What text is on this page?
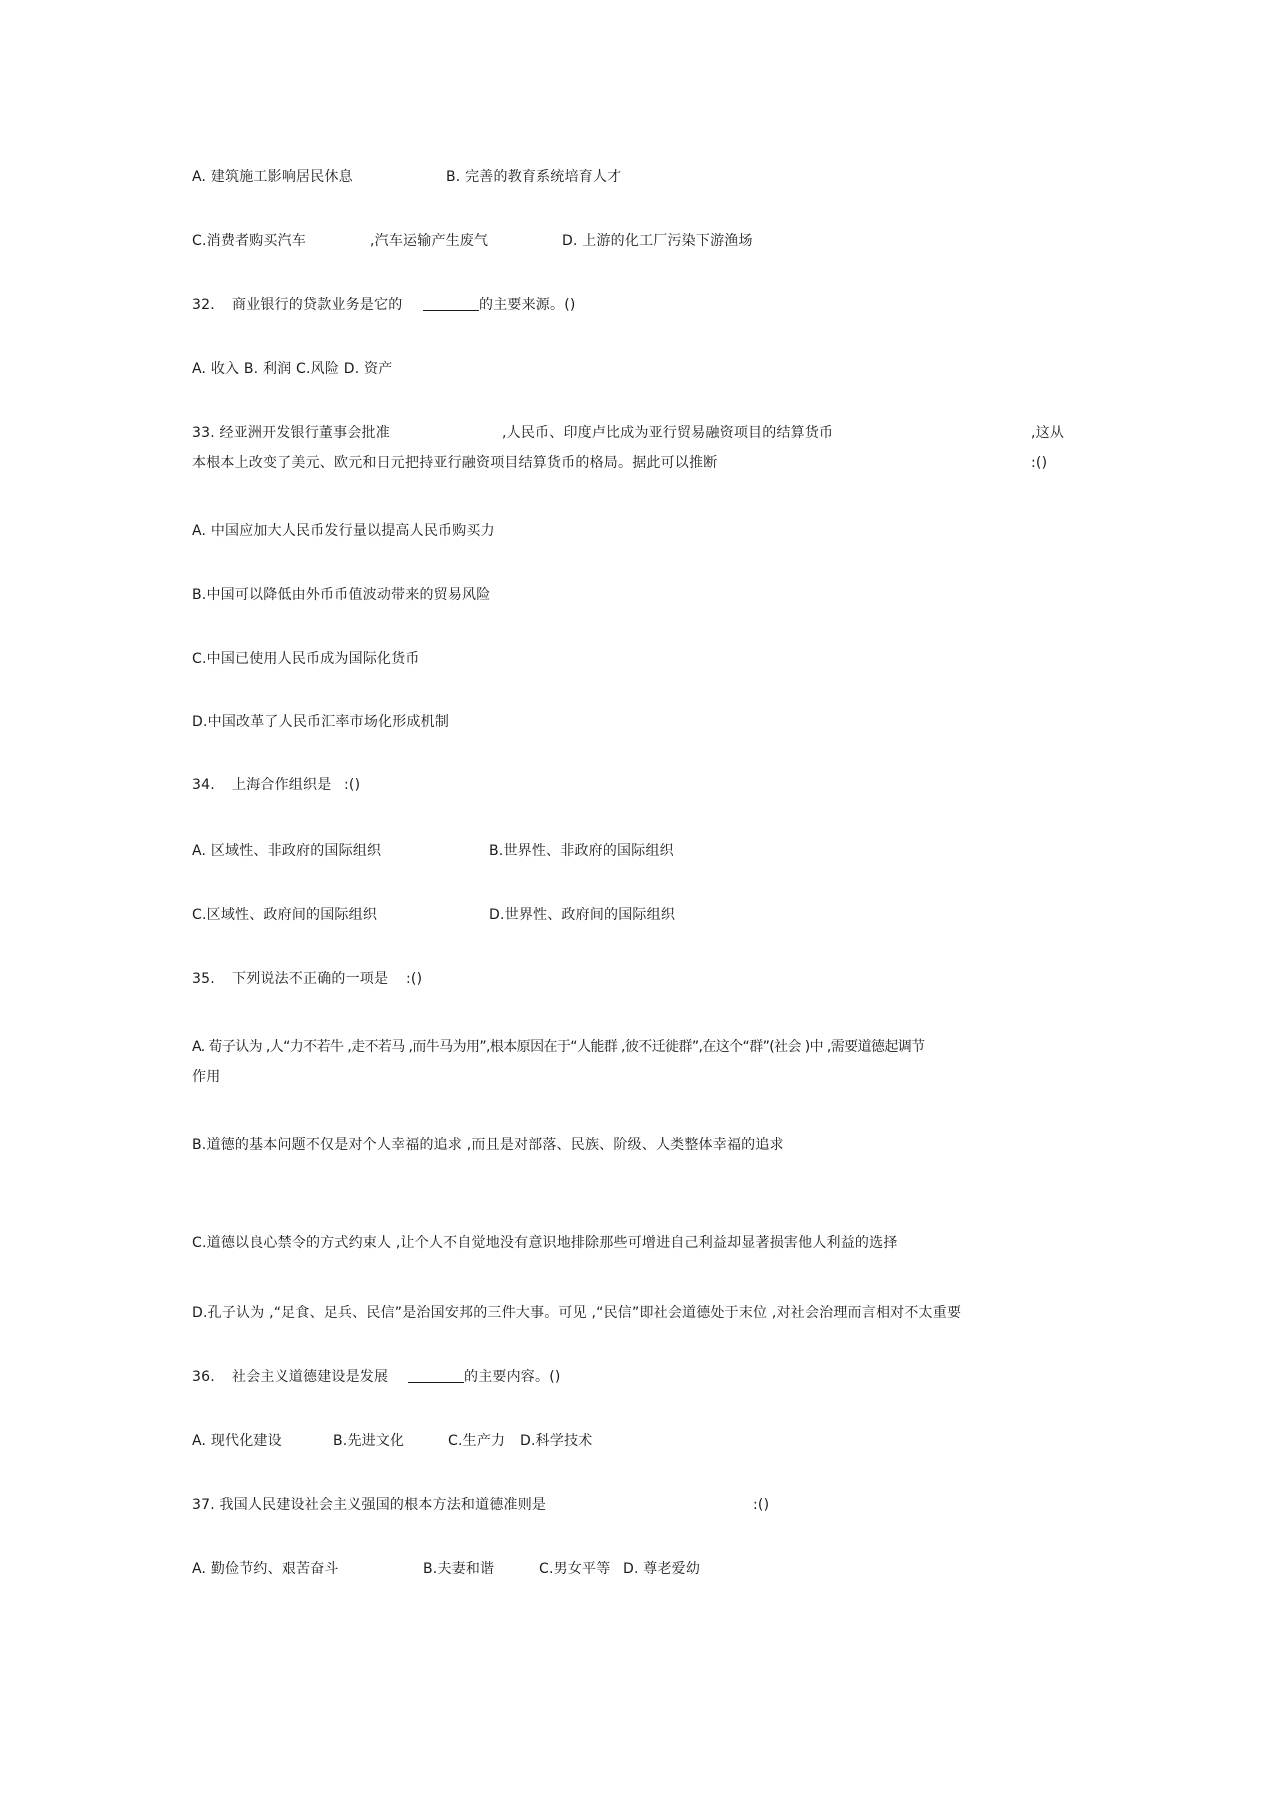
A. 建筑施工影响居民休息	B. 完善的教育系统培育人才
C.消费者购买汽车	,汽车运输产生废气	D. 上游的化工厂污染下游渔场
32. 商业银行的贷款业务是它的	的主要来源。()
A. 收入 B. 利润 C.风险 D. 资产
33. 经亚洲开发银行董事会批准	,人民币、印度卢比成为亚行贸易融资项目的结算货币	,这从
本根本上改变了美元、欧元和日元把持亚行融资项目结算货币的格局。据此可以推断	:()
A. 中国应加大人民币发行量以提高人民币购买力
B.中国可以降低由外币币值波动带来的贸易风险
C.中国已使用人民币成为国际化货币
D.中国改革了人民币汇率市场化形成机制
34. 上海合作组织是 :()
A. 区域性、非政府的国际组织	B.世界性、非政府的国际组织
C.区域性、政府间的国际组织	D.世界性、政府间的国际组织
35. 下列说法不正确的一项是 :()
A. 荀子认为 ,人“力不若牛 ,走不若马 ,而牛马为用”,根本原因在于“人能群 ,彼不迁徙群”,在这个“群”(社会 )中 ,需要道德起调节
作用
B.道德的基本问题不仅是对个人幸福的追求 ,而且是对部落、民族、阶级、人类整体幸福的追求
C.道德以良心禁令的方式约束人 ,让个人不自觉地没有意识地排除那些可增进自己利益却显著损害他人利益的选择
D.孔子认为 ,“足食、足兵、民信”是治国安邦的三件大事。可见 ,“民信”即社会道德处于末位 ,对社会治理而言相对不太重要
36. 社会主义道德建设是发展	的主要内容。()
A. 现代化建设	B.先进文化	C.生产力 D.科学技术
37. 我国人民建设社会主义强国的根本方法和道德准则是	:()
A. 勤俭节约、艰苦奋斗	B.夫妻和谐	C.男女平等 D. 尊老爱幼
